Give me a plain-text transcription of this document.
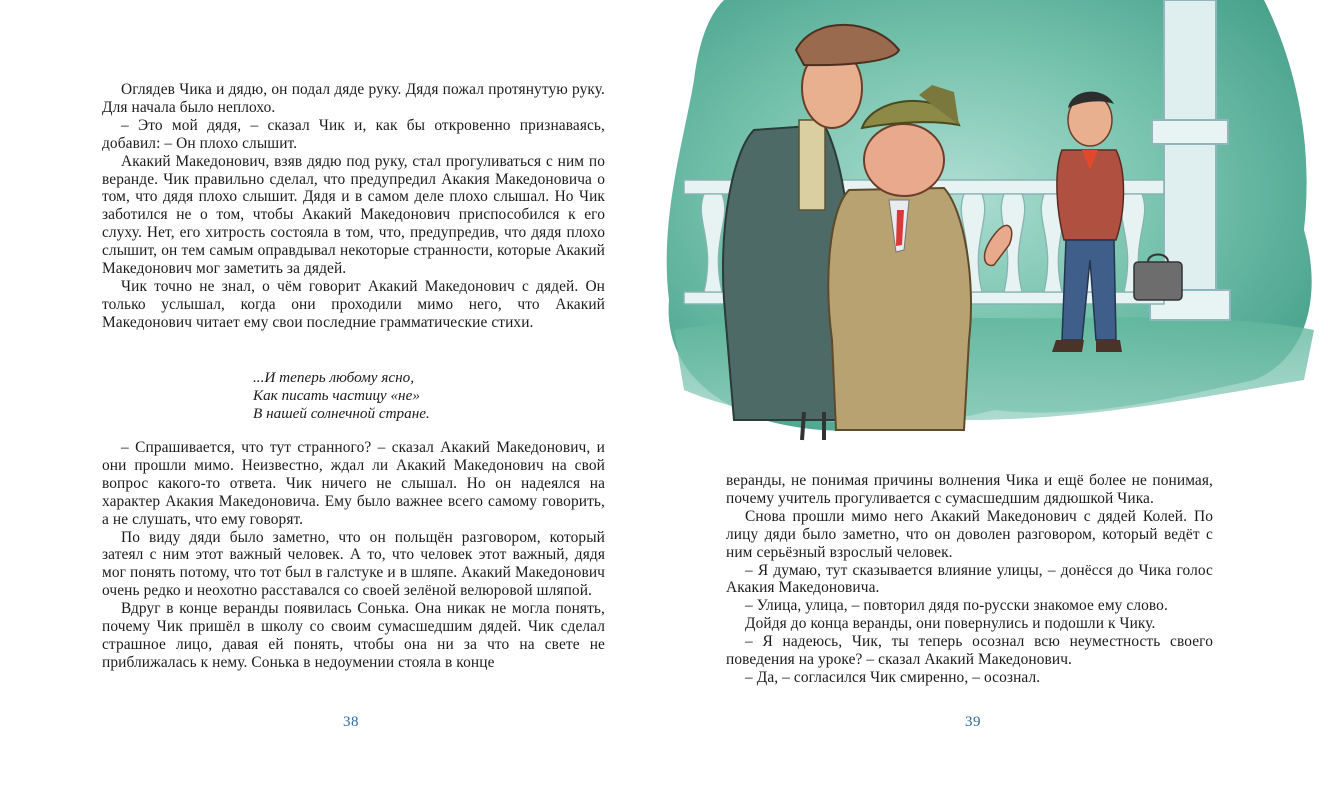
Оглядев Чика и дядю, он подал дяде руку. Дядя пожал протянутую руку. Для начала было неплохо.

– Это мой дядя, – сказал Чик и, как бы откровенно признаваясь, добавил: – Он плохо слышит.

Акакий Македонович, взяв дядю под руку, стал прогуливаться с ним по веранде. Чик правильно сделал, что предупредил Акакия Македоновича о том, что дядя плохо слышит. Дядя и в самом деле плохо слышал. Но Чик заботился не о том, чтобы Акакий Македонович приспособился к его слуху. Нет, его хитрость состояла в том, что, предупредив, что дядя плохо слышит, он тем самым оправдывал некоторые странности, которые Акакий Македонович мог заметить за дядей.

Чик точно не знал, о чём говорит Акакий Македонович с дядей. Он только услышал, когда они проходили мимо него, что Акакий Македонович читает ему свои последние грамматические стихи.

...И теперь любому ясно,
Как писать частицу «не»
В нашей солнечной стране.

– Спрашивается, что тут странного? – сказал Акакий Македонович, и они прошли мимо. Неизвестно, ждал ли Акакий Македонович на свой вопрос какого-то ответа. Чик ничего не слышал. Но он надеялся на характер Акакия Македоновича. Ему было важнее всего самому говорить, а не слушать, что ему говорят.

По виду дяди было заметно, что он польщён разговором, который затеял с ним этот важный человек. А то, что человек этот важный, дядя мог понять потому, что тот был в галстуке и в шляпе. Акакий Македонович очень редко и неохотно расставался со своей зелёной велюровой шляпой.

Вдруг в конце веранды появилась Сонька. Она никак не могла понять, почему Чик пришёл в школу со своим сумасшедшим дядей. Чик сделал страшное лицо, давая ей понять, чтобы она ни за что на свете не приближалась к нему. Сонька в недоумении стояла в конце

38

веранды, не понимая причины волнения Чика и ещё более не понимая, почему учитель прогуливается с сумасшедшим дядюшкой Чика.

Снова прошли мимо него Акакий Македонович с дядей Колей. По лицу дяди было заметно, что он доволен разговором, который ведёт с ним серьёзный взрослый человек.

– Я думаю, тут сказывается влияние улицы, – донёсся до Чика голос Акакия Македоновича.

– Улица, улица, – повторил дядя по-русски знакомое ему слово.

Дойдя до конца веранды, они повернулись и подошли к Чику.

– Я надеюсь, Чик, ты теперь осознал всю неуместность своего поведения на уроке? – сказал Акакий Македонович.

– Да, – согласился Чик смиренно, – осознал.

39
